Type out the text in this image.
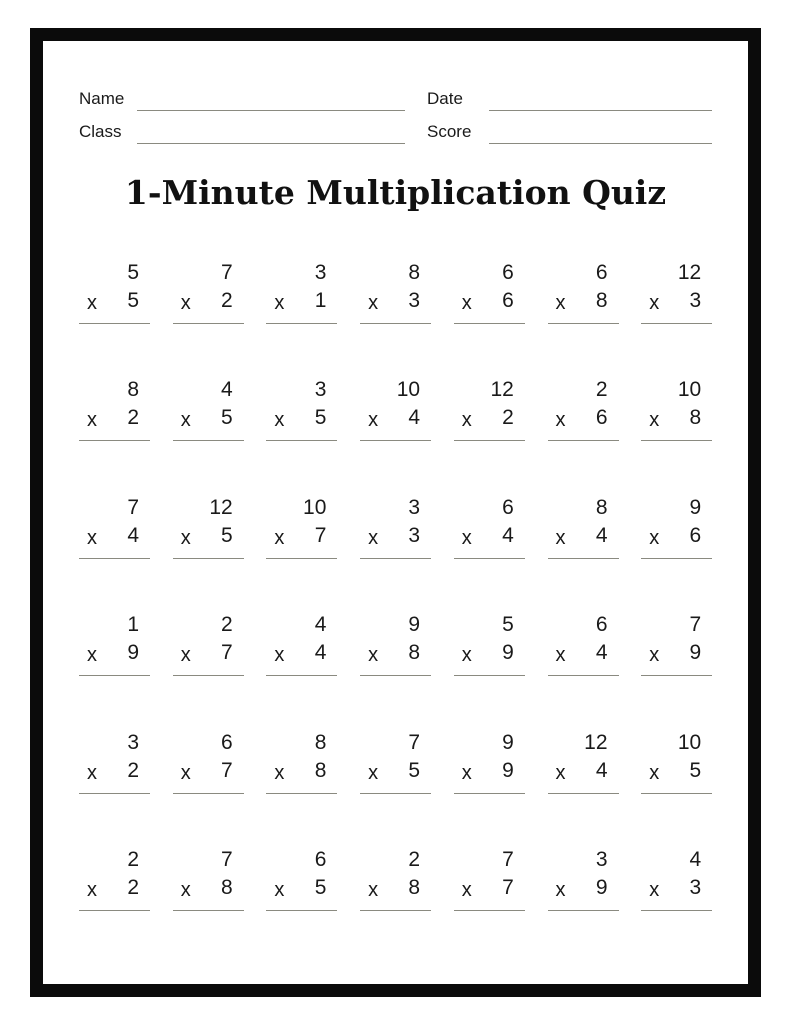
Name	Date
Class	Score
1-Minute Multiplication Quiz
5
x 5
7
x 2
3
x 1
8
x 3
6
x 6
6
x 8
12
x 3
8
x 2
4
x 5
3
x 5
10
x 4
12
x 2
2
x 6
10
x 8
7
x 4
12
x 5
10
x 7
3
x 3
6
x 4
8
x 4
9
x 6
1
x 9
2
x 7
4
x 4
9
x 8
5
x 9
6
x 4
7
x 9
3
x 2
6
x 7
8
x 8
7
x 5
9
x 9
12
x 4
10
x 5
2
x 2
7
x 8
6
x 5
2
x 8
7
x 7
3
x 9
4
x 3
